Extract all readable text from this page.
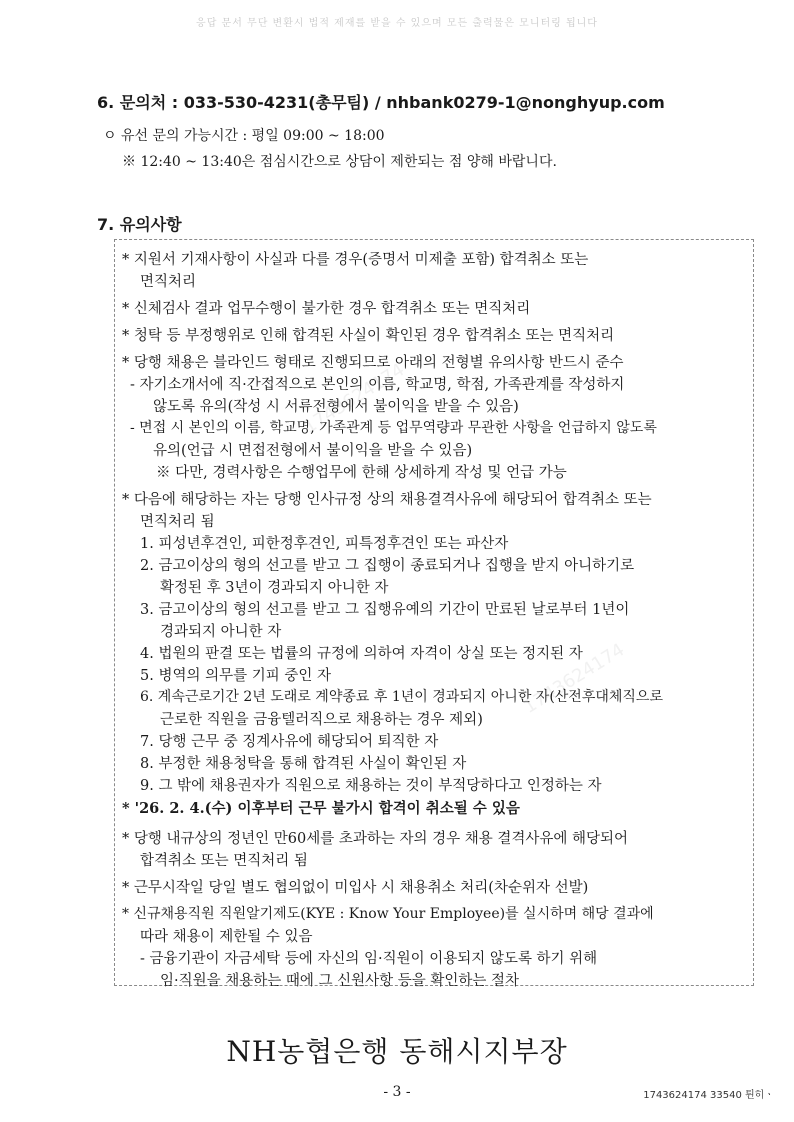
응답 문서 무단 변환시 법적 제재를 받을 수 있으며 모든 출력물은 모니터링 됩니다
1743624174
1743624174
6. 문의처 : 033-530-4231(총무팀) / nhbank0279-1@nonghyup.com
ㅇ 유선 문의 가능시간 : 평일 09:00 ~ 18:00
※ 12:40 ~ 13:40은 점심시간으로 상담이 제한되는 점 양해 바랍니다.
7. 유의사항
* 지원서 기재사항이 사실과 다를 경우(증명서 미제출 포함) 합격취소 또는
면직처리
* 신체검사 결과 업무수행이 불가한 경우 합격취소 또는 면직처리
* 청탁 등 부정행위로 인해 합격된 사실이 확인된 경우 합격취소 또는 면직처리
* 당행 채용은 블라인드 형태로 진행되므로 아래의 전형별 유의사항 반드시 준수
- 자기소개서에 직·간접적으로 본인의 이름, 학교명, 학점, 가족관계를 작성하지
않도록 유의(작성 시 서류전형에서 불이익을 받을 수 있음)
- 면접 시 본인의 이름, 학교명, 가족관계 등 업무역량과 무관한 사항을 언급하지 않도록
유의(언급 시 면접전형에서 불이익을 받을 수 있음)
※ 다만, 경력사항은 수행업무에 한해 상세하게 작성 및 언급 가능
* 다음에 해당하는 자는 당행 인사규정 상의 채용결격사유에 해당되어 합격취소 또는
면직처리 됨
1. 피성년후견인, 피한정후견인, 피특정후견인 또는 파산자
2. 금고이상의 형의 선고를 받고 그 집행이 종료되거나 집행을 받지 아니하기로
확정된 후 3년이 경과되지 아니한 자
3. 금고이상의 형의 선고를 받고 그 집행유예의 기간이 만료된 날로부터 1년이
경과되지 아니한 자
4. 법원의 판결 또는 법률의 규정에 의하여 자격이 상실 또는 정지된 자
5. 병역의 의무를 기피 중인 자
6. 계속근로기간 2년 도래로 계약종료 후 1년이 경과되지 아니한 자(산전후대체직으로
근로한 직원을 금융텔러직으로 채용하는 경우 제외)
7. 당행 근무 중 징계사유에 해당되어 퇴직한 자
8. 부정한 채용청탁을 통해 합격된 사실이 확인된 자
9. 그 밖에 채용권자가 직원으로 채용하는 것이 부적당하다고 인정하는 자
* '26. 2. 4.(수) 이후부터 근무 불가시 합격이 취소될 수 있음
* 당행 내규상의 정년인 만60세를 초과하는 자의 경우 채용 결격사유에 해당되어
합격취소 또는 면직처리 됨
* 근무시작일 당일 별도 협의없이 미입사 시 채용취소 처리(차순위자 선발)
* 신규채용직원 직원알기제도(KYE : Know Your Employee)를 실시하며 해당 결과에
따라 채용이 제한될 수 있음
- 금융기관이 자금세탁 등에 자신의 임·직원이 이용되지 않도록 하기 위해
임·직원을 채용하는 때에 그 신원사항 등을 확인하는 절차
NH농협은행 동해시지부장
- 3 -	1743624174 33540 튄히ㆍ
